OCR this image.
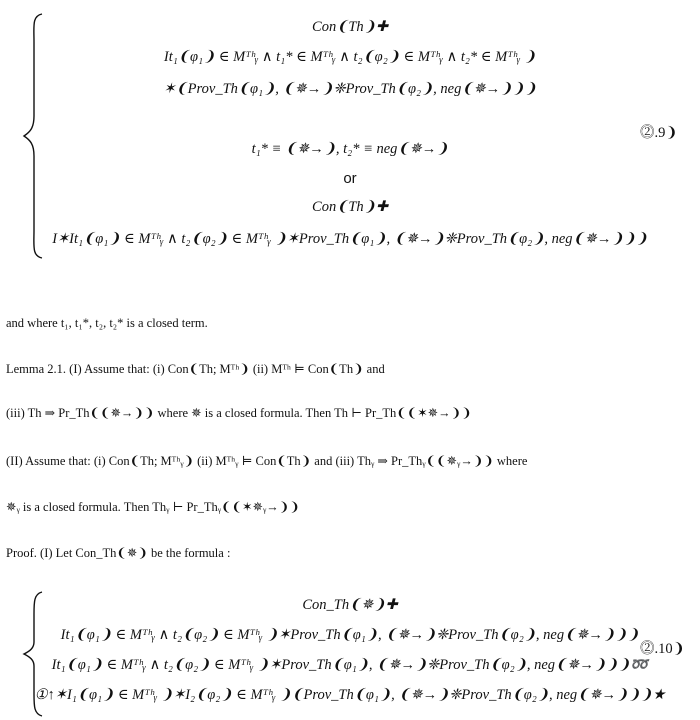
Con❨Th❩✚
Ιt₁❨φ₁❩ ∈ Mᵀʰᵧ ∧ t₁* ∈ Mᵀʰᵧ ∧ t₂❨φ₂❩ ∈ Mᵀʰᵧ ∧ t₂* ∈ Mᵀʰᵧ ❩
✶❨Prov_Th❨φ₁❩, ❨✵→❩❈Prov_Th❨φ₂❩, neg❨✵→❩❩❩
t₁* ≡ ❨✵→❩, t₂* ≡ neg❨✵→❩
or
Con❨Th❩✚
Ι✶Ιt₁❨φ₁❩ ∈ Mᵀʰᵧ ∧ t₂❨φ₂❩ ∈ Mᵀʰᵧ ❩✶Prov_Th❨φ₁❩, ❨✵→❩❈Prov_Th❨φ₂❩, neg❨✵→❩❩❩
⓶.9❩
and where t₁, t₁*, t₂, t₂* is a closed term.
Lemma 2.1. (I) Assume that: (i) Con❨Th; Mᵀʰ❩ (ii) Mᵀʰ ⊨ Con❨Th❩ and
(iii) Th ⇒ Pr_Th❨❨✵→❩❩ where ✵ is a closed formula. Then Th ⊢ Pr_Th❨❨✶✵→❩❩
(II) Assume that: (i) Con❨Th; Mᵀʰᵧ❩ (ii) Mᵀʰᵧ ⊨ Con❨Th❩ and (iii) Thᵧ ⇒ Pr_Thᵧ❨❨✵ᵧ→❩❩ where
✵ᵧ is a closed formula. Then Thᵧ ⊢ Pr_Thᵧ❨❨✶✵ᵧ→❩❩
Proof. (I) Let Con_Th❨✵❩ be the formula :
Con_Th❨✵❩✚
Ιt₁❨φ₁❩ ∈ Mᵀʰᵧ ∧ t₂❨φ₂❩ ∈ Mᵀʰᵧ ❩✶Prov_Th❨φ₁❩, ❨✵→❩❈Prov_Th❨φ₂❩, neg❨✵→❩❩❩
Ιt₁❨φ₁❩ ∈ Mᵀʰᵧ ∧ t₂❨φ₂❩ ∈ Mᵀʰᵧ ❩✶Prov_Th❨φ₁❩, ❨✵→❩❈Prov_Th❨φ₂❩, neg❨✵→❩❩❩➿
①↑✶Ι₁❨φ₁❩ ∈ Mᵀʰᵧ ❩✶Ι₂❨φ₂❩ ∈ Mᵀʰᵧ ❩❨Prov_Th❨φ₁❩, ❨✵→❩❈Prov_Th❨φ₂❩, neg❨✵→❩❩❩★
⓶.10❩
